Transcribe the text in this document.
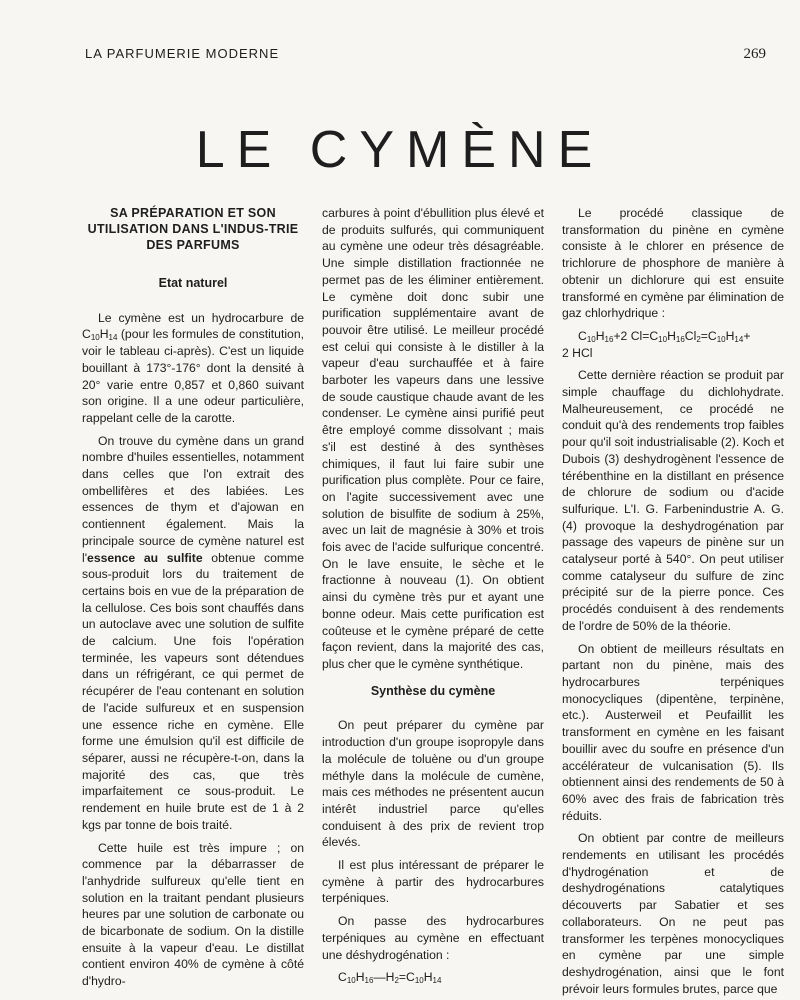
LA PARFUMERIE MODERNE	269
LE CYMÈNE
SA PRÉPARATION ET SON UTILISATION DANS L'INDUS-TRIE DES PARFUMS
Etat naturel

Le cymène est un hydrocarbure de $C_{10}H_{14}$ (pour les formules de constitution, voir le tableau ci-après). C'est un liquide bouillant à 173°-176° dont la densité à 20° varie entre 0,857 et 0,860 suivant son origine. Il a une odeur particulière, rappelant celle de la carotte.

On trouve du cymène dans un grand nombre d'huiles essentielles, notamment dans celles que l'on extrait des ombellifères et des labiées. Les essences de thym et d'ajowan en contiennent également. Mais la principale source de cymène naturel est l'essence au sulfite obtenue comme sous-produit lors du traitement de certains bois en vue de la préparation de la cellulose. Ces bois sont chauffés dans un autoclave avec une solution de sulfite de calcium. Une fois l'opération terminée, les vapeurs sont détendues dans un réfrigérant, ce qui permet de récupérer de l'eau contenant en solution de l'acide sulfureux et en suspension une essence riche en cymène. Elle forme une émulsion qu'il est difficile de séparer, aussi ne récupère-t-on, dans la majorité des cas, que très imparfaitement ce sous-produit. Le rendement en huile brute est de 1 à 2 kgs par tonne de bois traité.

Cette huile est très impure ; on commence par la débarrasser de l'anhydride sulfureux qu'elle tient en solution en la traitant pendant plusieurs heures par une solution de carbonate ou de bicarbonate de sodium. On la distille ensuite à la vapeur d'eau. Le distillat contient environ 40% de cymène à côté d'hydro-

carbures à point d'ébullition plus élevé et de produits sulfurés, qui communiquent au cymène une odeur très désagréable. Une simple distillation fractionnée ne permet pas de les éliminer entièrement. Le cymène doit donc subir une purification supplémentaire avant de pouvoir être utilisé. Le meilleur procédé est celui qui consiste à le distiller à la vapeur d'eau surchauffée et à faire barboter les vapeurs dans une lessive de soude caustique chaude avant de les condenser. Le cymène ainsi purifié peut être employé comme dissolvant ; mais s'il est destiné à des synthèses chimiques, il faut lui faire subir une purification plus complète. Pour ce faire, on l'agite successivement avec une solution de bisulfite de sodium à 25%, avec un lait de magnésie à 30% et trois fois avec de l'acide sulfurique concentré. On le lave ensuite, le sèche et le fractionne à nouveau (1). On obtient ainsi du cymène très pur et ayant une bonne odeur. Mais cette purification est coûteuse et le cymène préparé de cette façon revient, dans la majorité des cas, plus cher que le cymène synthétique.

Synthèse du cymène

On peut préparer du cymène par introduction d'un groupe isopropyle dans la molécule de toluène ou d'un groupe méthyle dans la molécule de cumène, mais ces méthodes ne présentent aucun intérêt industriel parce qu'elles conduisent à des prix de revient trop élevés.

Il est plus intéressant de préparer le cymène à partir des hydrocarbures terpéniques.

On passe des hydrocarbures terpéniques au cymène en effectuant une déshydrogénation :

$C_{10}H_{16}—H_2=C_{10}H_{14}$

Le procédé classique de transformation du pinène en cymène consiste à le chlorer en présence de trichlorure de phosphore de manière à obtenir un dichlorure qui est ensuite transformé en cymène par élimination de gaz chlorhydrique :

$C_{10}H_{16}+2$ $Cl=C_{10}H_{16}Cl_2=C_{10}H_{14}+$
2 HCl

Cette dernière réaction se produit par simple chauffage du dichlohydrate. Malheureusement, ce procédé ne conduit qu'à des rendements trop faibles pour qu'il soit industrialisable (2). Koch et Dubois (3) deshydrogènent l'essence de térébenthine en la distillant en présence de chlorure de sodium ou d'acide sulfurique. L'I. G. Farbenindustrie A. G. (4) provoque la deshydrogénation par passage des vapeurs de pinène sur un catalyseur porté à 540°. On peut utiliser comme catalyseur du sulfure de zinc précipité sur de la pierre ponce. Ces procédés conduisent à des rendements de l'ordre de 50% de la théorie.

On obtient de meilleurs résultats en partant non du pinène, mais des hydrocarbures terpéniques monocycliques (dipentène, terpinène, etc.). Austerweil et Peufaillit les transforment en cymène en les faisant bouillir avec du soufre en présence d'un accélérateur de vulcanisation (5). Ils obtiennent ainsi des rendements de 50 à 60% avec des frais de fabrication très réduits.

On obtient par contre de meilleurs rendements en utilisant les procédés d'hydrogénation et de deshydrogénations catalytiques découverts par Sabatier et ses collaborateurs. On ne peut pas transformer les terpènes monocycliques en cymène par une simple deshydrogénation, ainsi que le font prévoir leurs formules brutes, parce que
